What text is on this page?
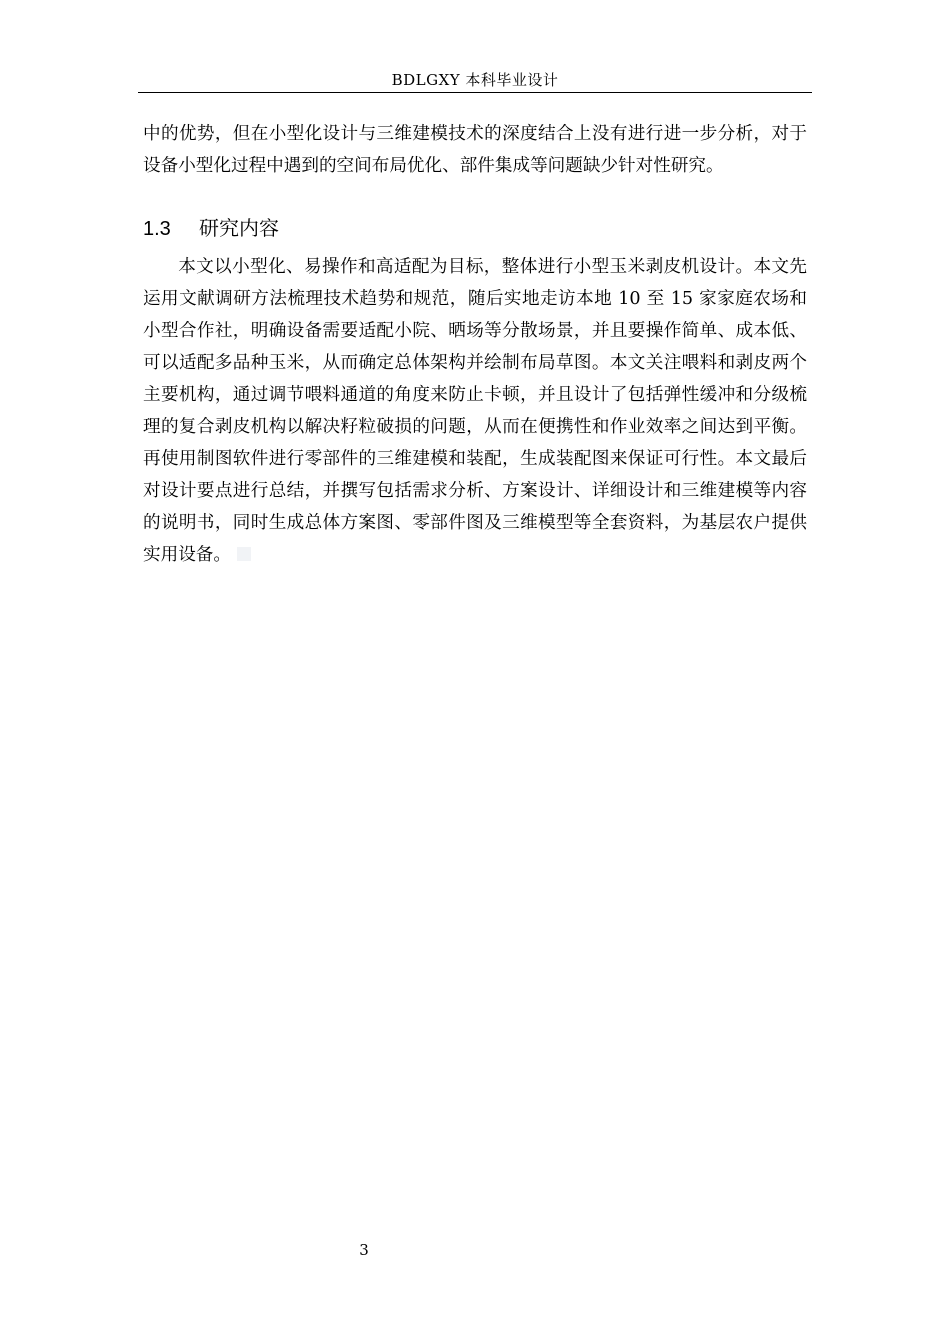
BDLGXY 本科毕业设计

中的优势，但在小型化设计与三维建模技术的深度结合上没有进行进一步分析，对于设备小型化过程中遇到的空间布局优化、部件集成等问题缺少针对性研究。

1.3 研究内容

本文以小型化、易操作和高适配为目标，整体进行小型玉米剥皮机设计。本文先运用文献调研方法梳理技术趋势和规范，随后实地走访本地 10 至 15 家家庭农场和小型合作社，明确设备需要适配小院、晒场等分散场景，并且要操作简单、成本低、可以适配多品种玉米，从而确定总体架构并绘制布局草图。本文关注喂料和剥皮两个主要机构，通过调节喂料通道的角度来防止卡顿，并且设计了包括弹性缓冲和分级梳理的复合剥皮机构以解决籽粒破损的问题，从而在便携性和作业效率之间达到平衡。再使用制图软件进行零部件的三维建模和装配，生成装配图来保证可行性。本文最后对设计要点进行总结，并撰写包括需求分析、方案设计、详细设计和三维建模等内容的说明书，同时生成总体方案图、零部件图及三维模型等全套资料，为基层农户提供实用设备。

3
